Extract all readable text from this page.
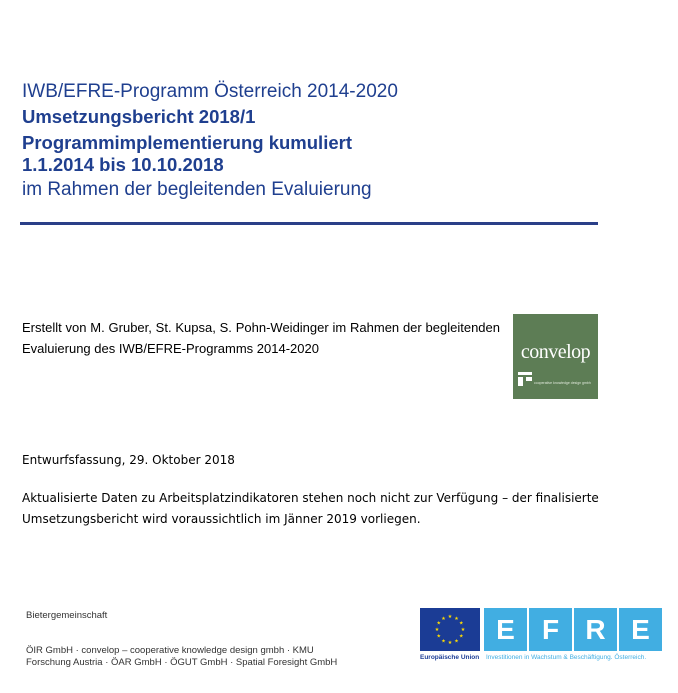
IWB/EFRE-Programm Österreich 2014-2020
Umsetzungsbericht 2018/1
Programmimplementierung kumuliert
1.1.2014 bis 10.10.2018
im Rahmen der begleitenden Evaluierung
Erstellt von M. Gruber, St. Kupsa, S. Pohn-Weidinger im Rahmen der begleitenden Evaluierung des IWB/EFRE-Programms 2014-2020	convelop
cooperative knowledge design gmbh
Entwurfsfassung, 29. Oktober 2018
Aktualisierte Daten zu Arbeitsplatzindikatoren stehen noch nicht zur Verfügung – der finalisierte Umsetzungsbericht wird voraussichtlich im Jänner 2019 vorliegen.
Bietergemeinschaft
ÖIR GmbH · convelop – cooperative knowledge design gmbh · KMU
Forschung Austria · ÖAR GmbH · ÖGUT GmbH · Spatial Foresight GmbH
★ ★
★
★
★
★
★
★
★
★
★
★
Europäische Union
E F R E
Investitionen in Wachstum & Beschäftigung. Österreich.
